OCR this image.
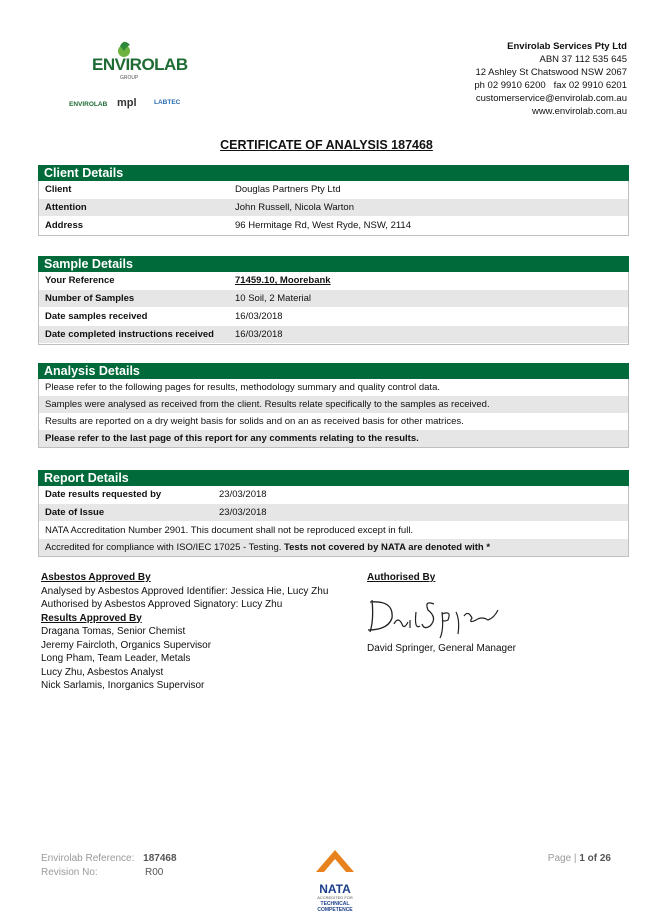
ENVIROLAB
GROUP
ENVIROLAB mpl	LABTEC
Envirolab Services Pty Ltd
ABN 37 112 535 645
12 Ashley St Chatswood NSW 2067
ph 02 9910 6200   fax 02 9910 6201
customerservice@envirolab.com.au
www.envirolab.com.au
CERTIFICATE OF ANALYSIS 187468
Client Details
Client	Douglas Partners Pty Ltd
Attention	John Russell, Nicola Warton
Address	96 Hermitage Rd, West Ryde, NSW, 2114
Sample Details
Your Reference	71459.10, Moorebank
Number of Samples	10 Soil, 2 Material
Date samples received	16/03/2018
Date completed instructions received	16/03/2018
Analysis Details
Please refer to the following pages for results, methodology summary and quality control data.
Samples were analysed as received from the client. Results relate specifically to the samples as received.
Results are reported on a dry weight basis for solids and on an as received basis for other matrices.
Please refer to the last page of this report for any comments relating to the results.
Report Details
Date results requested by	23/03/2018
Date of Issue	23/03/2018
NATA Accreditation Number 2901. This document shall not be reproduced except in full.
Accredited for compliance with ISO/IEC 17025 - Testing. Tests not covered by NATA are denoted with *
Asbestos Approved By
Analysed by Asbestos Approved Identifier: Jessica Hie, Lucy Zhu
Authorised by Asbestos Approved Signatory: Lucy Zhu
Results Approved By
Dragana Tomas, Senior Chemist
Jeremy Faircloth, Organics Supervisor
Long Pham, Team Leader, Metals
Lucy Zhu, Asbestos Analyst
Nick Sarlamis, Inorganics Supervisor
Authorised By
David Springer, General Manager
Envirolab Reference: 187468
Revision No:	R00
NATA
ACCREDITED FOR
TECHNICAL
COMPETENCE
Page | 1 of 26
